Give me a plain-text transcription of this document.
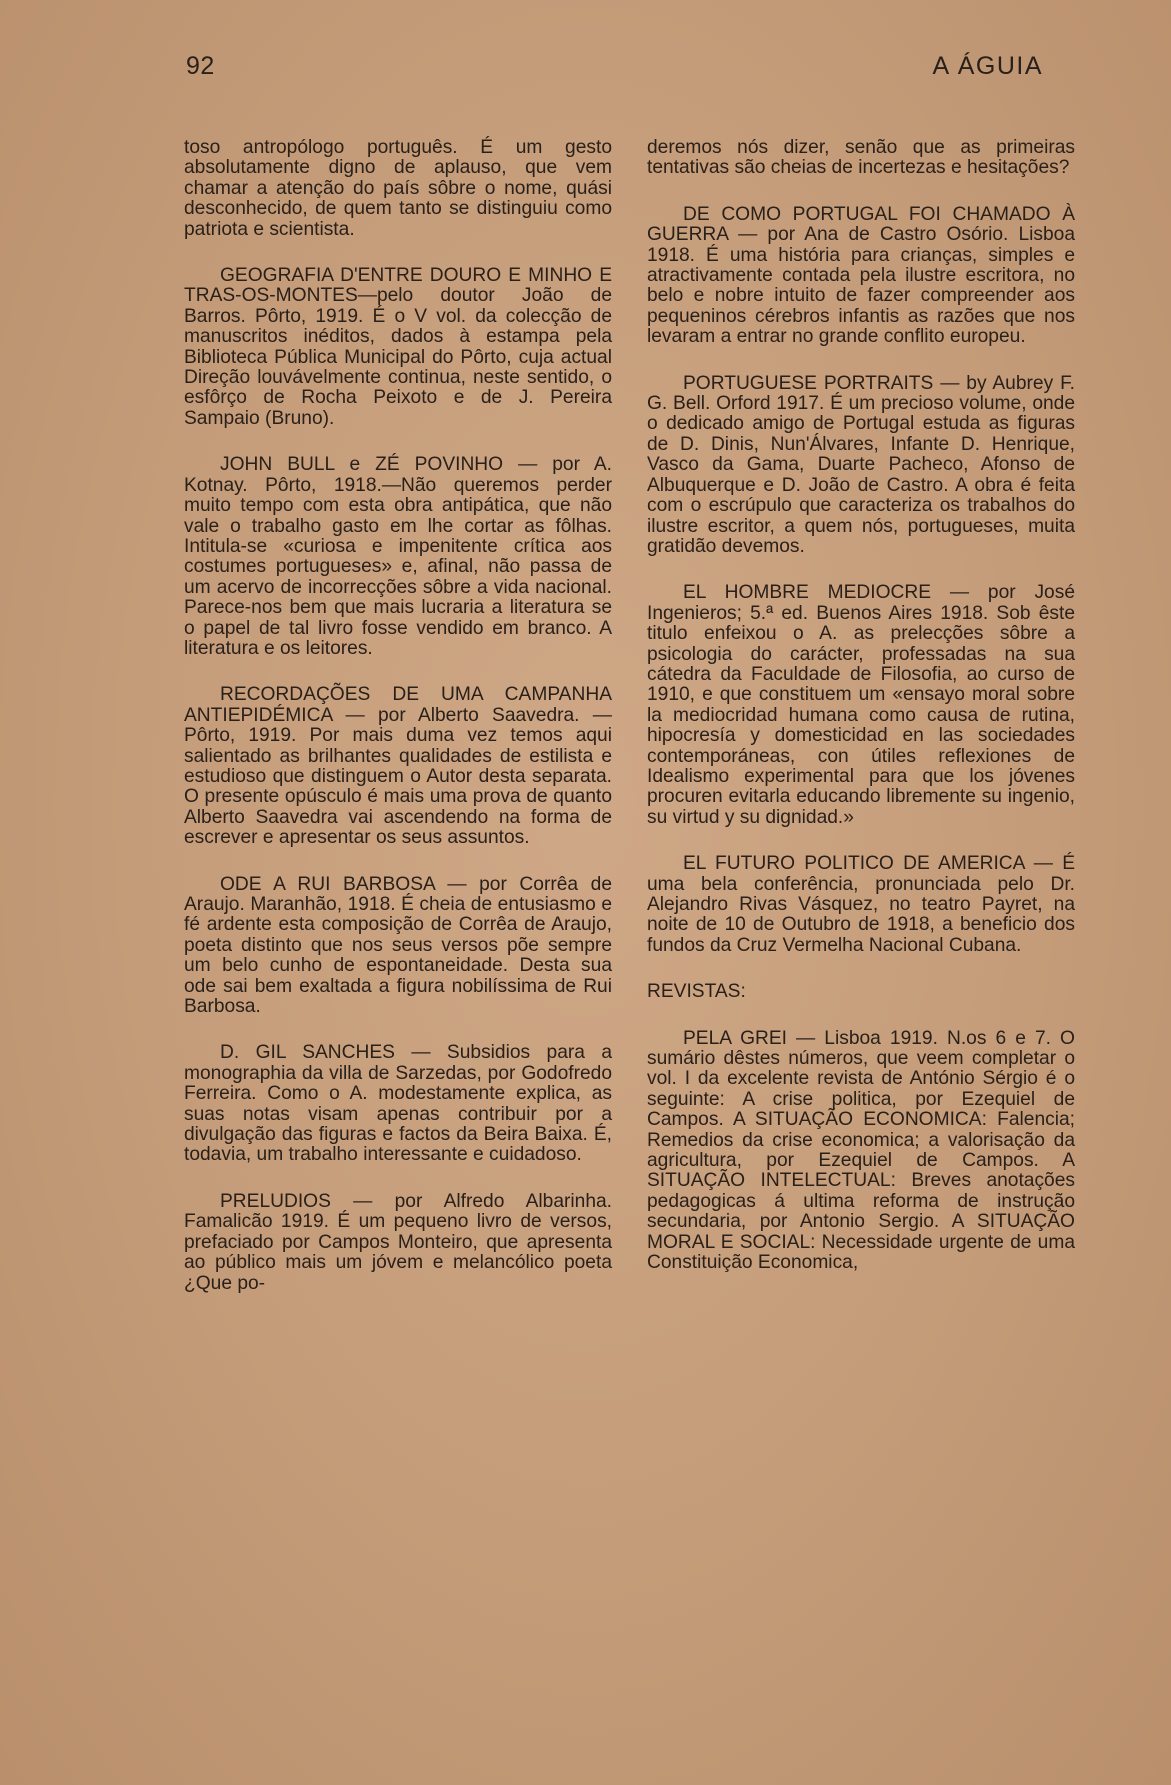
92	A ÁGUIA

toso antropólogo português. É um gesto absolutamente digno de aplauso, que vem chamar a atenção do país sôbre o nome, quási desconhecido, de quem tanto se distinguiu como patriota e scientista.

GEOGRAFIA D'ENTRE DOURO E MINHO E TRAS-OS-MONTES—pelo doutor João de Barros. Pôrto, 1919. É o V vol. da colecção de manuscritos inéditos, dados à estampa pela Biblioteca Pública Municipal do Pôrto, cuja actual Direção louvávelmente continua, neste sentido, o esfôrço de Rocha Peixoto e de J. Pereira Sampaio (Bruno).

JOHN BULL e ZÉ POVINHO — por A. Kotnay. Pôrto, 1918.—Não queremos perder muito tempo com esta obra antipática, que não vale o trabalho gasto em lhe cortar as fôlhas. Intitula-se «curiosa e impenitente crítica aos costumes portugueses» e, afinal, não passa de um acervo de incorrecções sôbre a vida nacional. Parece-nos bem que mais lucraria a literatura se o papel de tal livro fosse vendido em branco. A literatura e os leitores.

RECORDAÇÕES DE UMA CAMPANHA ANTIEPIDÉMICA — por Alberto Saavedra. — Pôrto, 1919. Por mais duma vez temos aqui salientado as brilhantes qualidades de estilista e estudioso que distinguem o Autor desta separata. O presente opúsculo é mais uma prova de quanto Alberto Saavedra vai ascendendo na forma de escrever e apresentar os seus assuntos.

ODE A RUI BARBOSA — por Corrêa de Araujo. Maranhão, 1918. É cheia de entusiasmo e fé ardente esta composição de Corrêa de Araujo, poeta distinto que nos seus versos põe sempre um belo cunho de espontaneidade. Desta sua ode sai bem exaltada a figura nobilíssima de Rui Barbosa.

D. GIL SANCHES — Subsidios para a monographia da villa de Sarzedas, por Godofredo Ferreira. Como o A. modestamente explica, as suas notas visam apenas contribuir por a divulgação das figuras e factos da Beira Baixa. É, todavia, um trabalho interessante e cuidadoso.

PRELUDIOS — por Alfredo Albarinha. Famalicão 1919. É um pequeno livro de versos, prefaciado por Campos Monteiro, que apresenta ao público mais um jóvem e melancólico poeta ¿Que po-

deremos nós dizer, senão que as primeiras tentativas são cheias de incertezas e hesitações?

DE COMO PORTUGAL FOI CHAMADO À GUERRA — por Ana de Castro Osório. Lisboa 1918. É uma história para crianças, simples e atractivamente contada pela ilustre escritora, no belo e nobre intuito de fazer compreender aos pequeninos cérebros infantis as razões que nos levaram a entrar no grande conflito europeu.

PORTUGUESE PORTRAITS — by Aubrey F. G. Bell. Orford 1917. É um precioso volume, onde o dedicado amigo de Portugal estuda as figuras de D. Dinis, Nun'Álvares, Infante D. Henrique, Vasco da Gama, Duarte Pacheco, Afonso de Albuquerque e D. João de Castro. A obra é feita com o escrúpulo que caracteriza os trabalhos do ilustre escritor, a quem nós, portugueses, muita gratidão devemos.

EL HOMBRE MEDIOCRE — por José Ingenieros; 5.ª ed. Buenos Aires 1918. Sob êste titulo enfeixou o A. as prelecções sôbre a psicologia do carácter, professadas na sua cátedra da Faculdade de Filosofia, ao curso de 1910, e que constituem um «ensayo moral sobre la mediocridad humana como causa de rutina, hipocresía y domesticidad en las sociedades contemporáneas, con útiles reflexiones de Idealismo experimental para que los jóvenes procuren evitarla educando libremente su ingenio, su virtud y su dignidad.»

EL FUTURO POLITICO DE AMERICA — É uma bela conferência, pronunciada pelo Dr. Alejandro Rivas Vásquez, no teatro Payret, na noite de 10 de Outubro de 1918, a beneficio dos fundos da Cruz Vermelha Nacional Cubana.

REVISTAS:

PELA GREI — Lisboa 1919. N.os 6 e 7. O sumário dêstes números, que veem completar o vol. I da excelente revista de António Sérgio é o seguinte: A crise politica, por Ezequiel de Campos. A SITUAÇÃO ECONOMICA: Falencia; Remedios da crise economica; a valorisação da agricultura, por Ezequiel de Campos. A SITUAÇÃO INTELECTUAL: Breves anotações pedagogicas á ultima reforma de instrução secundaria, por Antonio Sergio. A SITUAÇÃO MORAL E SOCIAL: Necessidade urgente de uma Constituição Economica,
